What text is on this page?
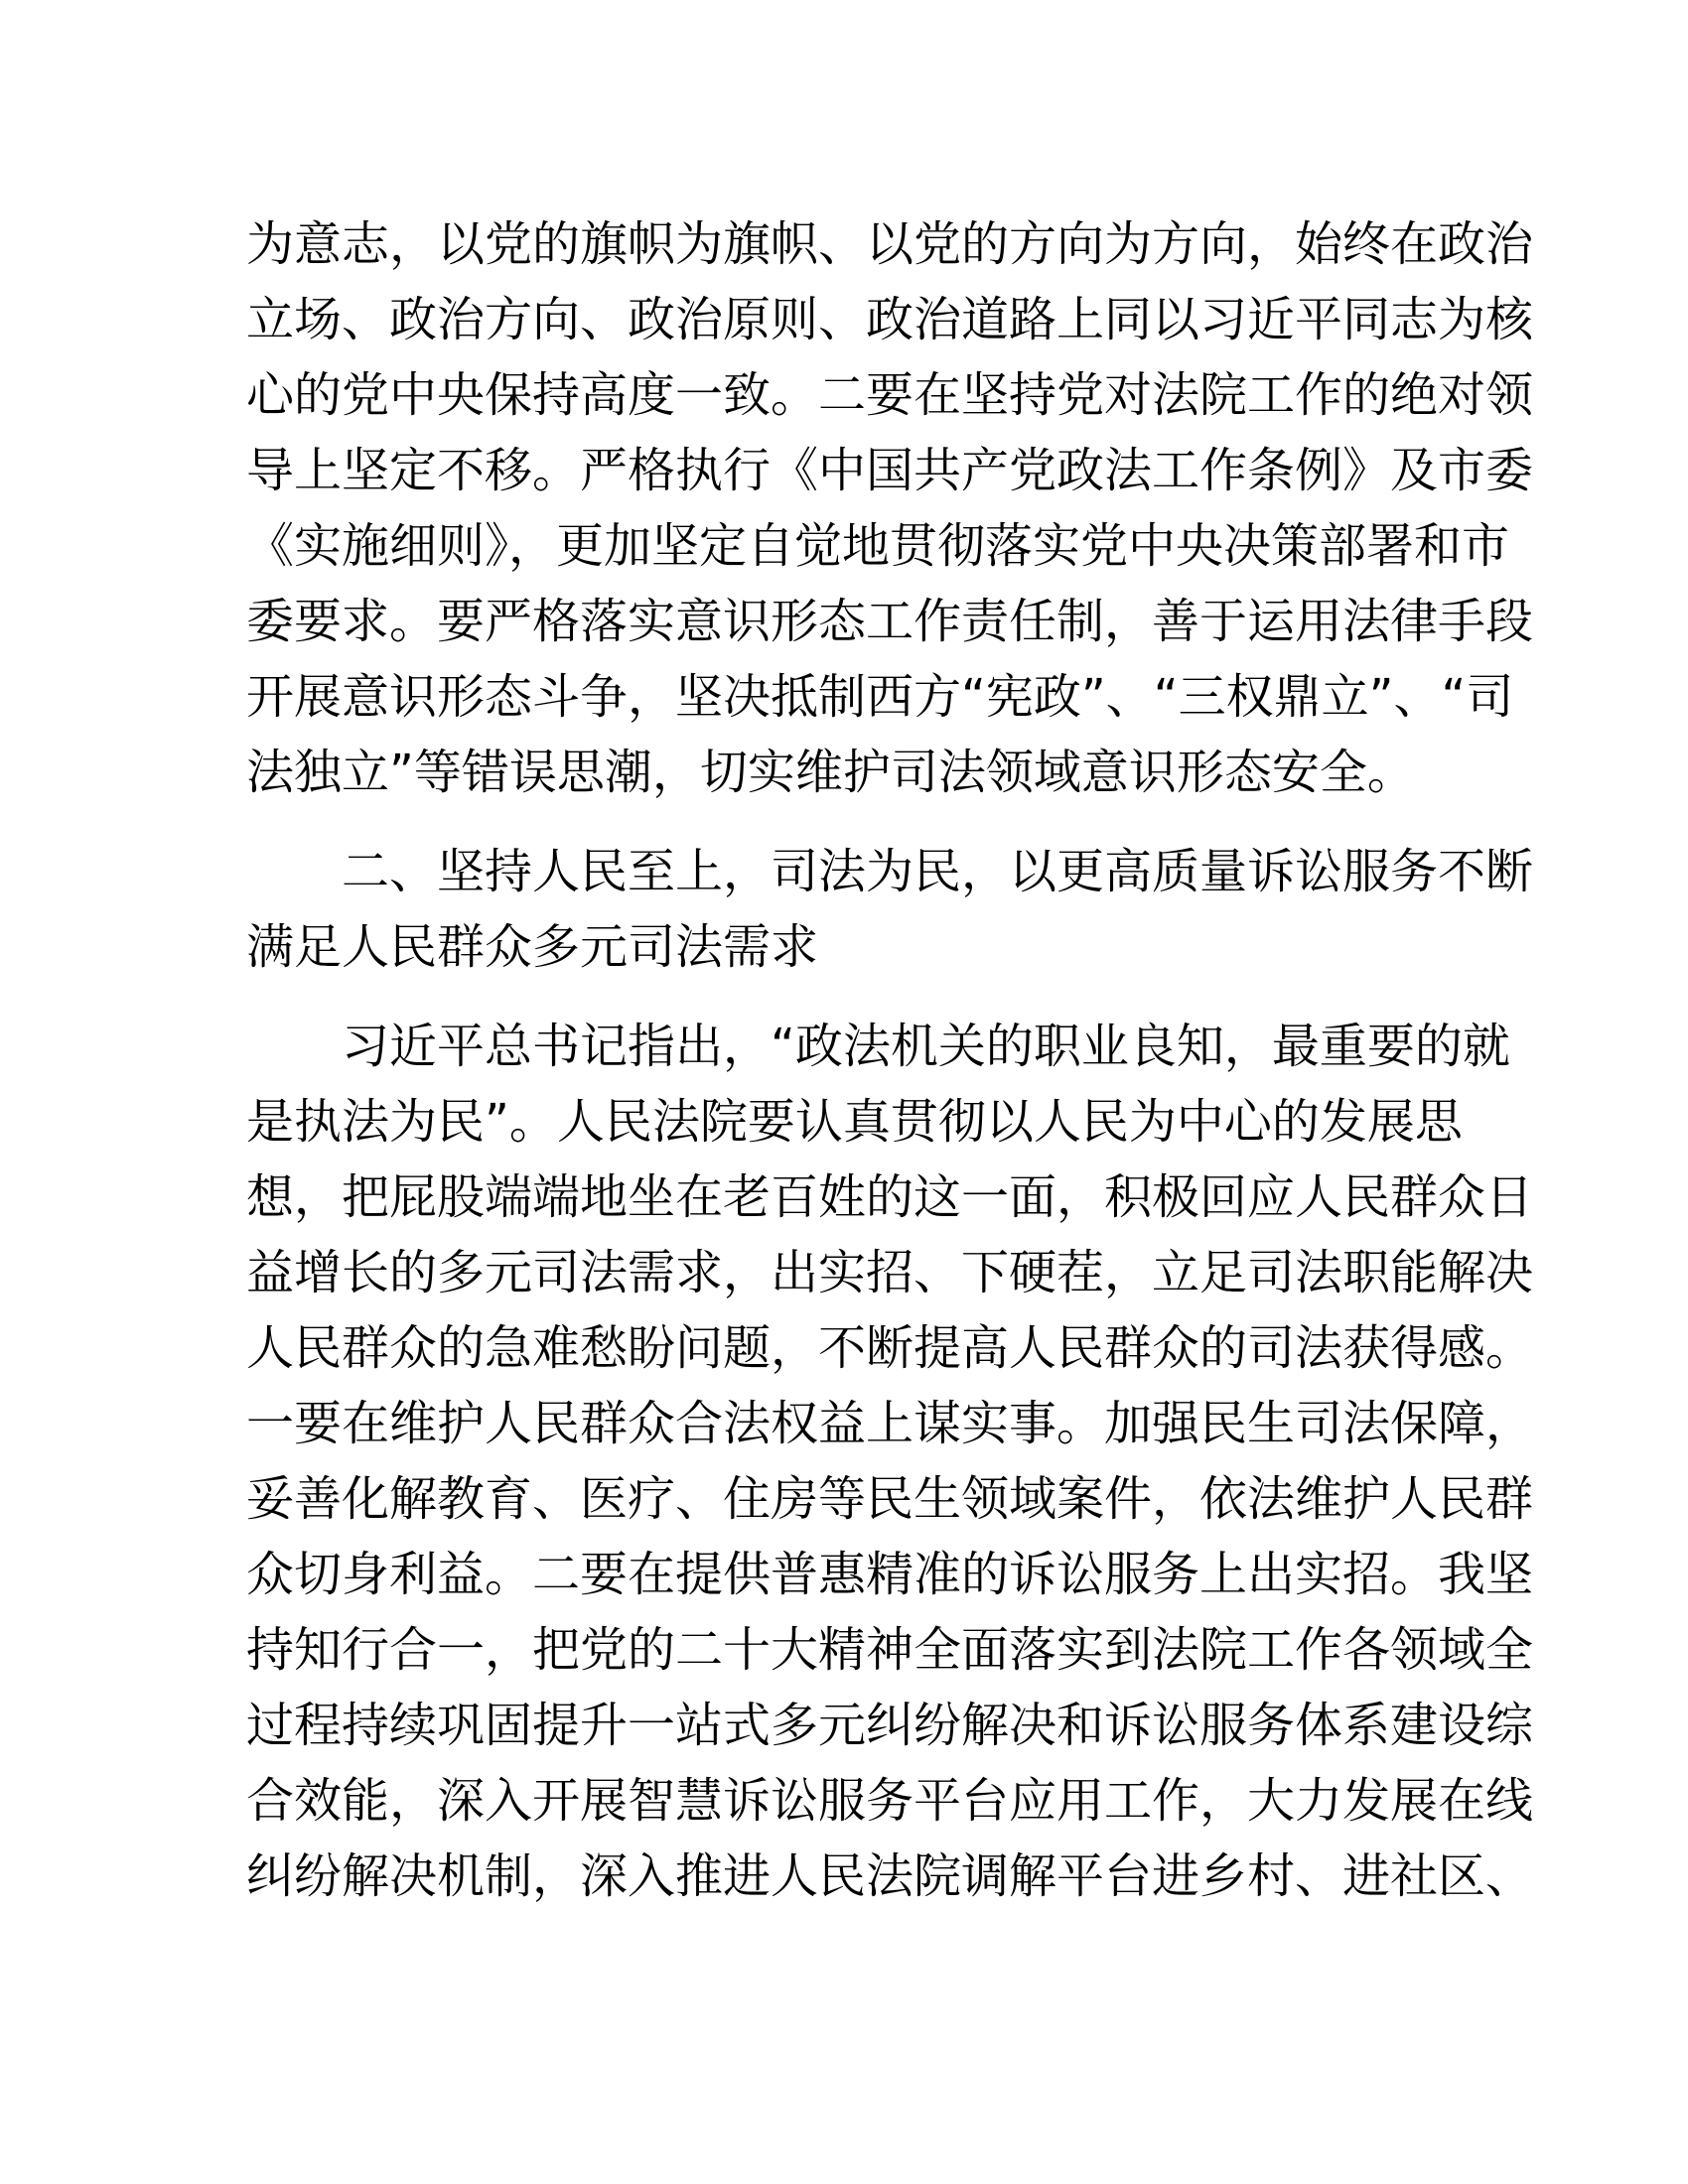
为意志，以党的旗帜为旗帜、以党的方向为方向，始终在政治
立场、政治方向、政治原则、政治道路上同以习近平同志为核
心的党中央保持高度一致。二要在坚持党对法院工作的绝对领
导上坚定不移。严格执行《中国共产党政法工作条例》及市委
《实施细则》，更加坚定自觉地贯彻落实党中央决策部署和市
委要求。要严格落实意识形态工作责任制，善于运用法律手段
开展意识形态斗争，坚决抵制西方“宪政”、“三权鼎立”、“司
法独立”等错误思潮，切实维护司法领域意识形态安全。
　　二、坚持人民至上，司法为民，以更高质量诉讼服务不断
满足人民群众多元司法需求
　　习近平总书记指出，“政法机关的职业良知，最重要的就
是执法为民”。人民法院要认真贯彻以人民为中心的发展思
想，把屁股端端地坐在老百姓的这一面，积极回应人民群众日
益增长的多元司法需求，出实招、下硬茬，立足司法职能解决
人民群众的急难愁盼问题，不断提高人民群众的司法获得感。
一要在维护人民群众合法权益上谋实事。加强民生司法保障，
妥善化解教育、医疗、住房等民生领域案件，依法维护人民群
众切身利益。二要在提供普惠精准的诉讼服务上出实招。我坚
持知行合一，把党的二十大精神全面落实到法院工作各领域全
过程持续巩固提升一站式多元纠纷解决和诉讼服务体系建设综
合效能，深入开展智慧诉讼服务平台应用工作，大力发展在线
纠纷解决机制，深入推进人民法院调解平台进乡村、进社区、
